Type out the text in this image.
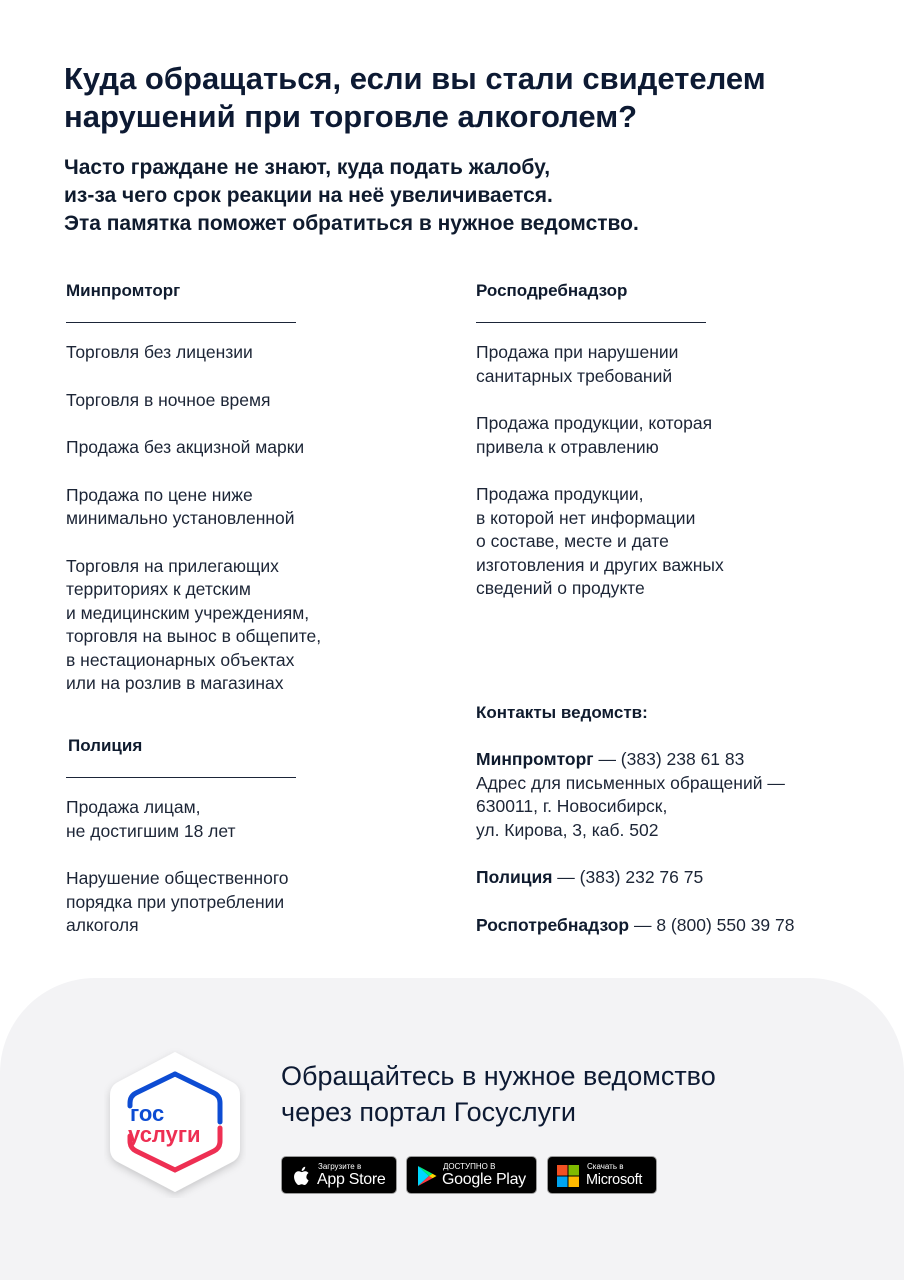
Куда обращаться, если вы стали свидетелем
нарушений при торговле алкоголем?

Часто граждане не знают, куда подать жалобу,
из-за чего срок реакции на неё увеличивается.
Эта памятка поможет обратиться в нужное ведомство.

Минпромторг
Торговля без лицензии
Торговля в ночное время
Продажа без акцизной марки
Продажа по цене ниже
минимально установленной
Торговля на прилегающих
территориях к детским
и медицинским учреждениям,
торговля на вынос в общепите,
в нестационарных объектах
или на розлив в магазинах
Росподребнадзор
Продажа при нарушении
санитарных требований
Продажа продукции, которая
привела к отравлению
Продажа продукции,
в которой нет информации
о составе, месте и дате
изготовления и других важных
сведений о продукте
Полиция
Продажа лицам,
не достигшим 18 лет
Нарушение общественного
порядка при употреблении
алкоголя
Контакты ведомств:
Минпромторг — (383) 238 61 83
Адрес для письменных обращений —
630011, г. Новосибирск,
ул. Кирова, 3, каб. 502
Полиция — (383) 232 76 75
Роспотребнадзор — 8 (800) 550 39 78
гос
услуги
Обращайтесь в нужное ведомство
через портал Госуслуги
Загрузите в
App Store
ДОСТУПНО В
Google Play
Скачать в
Microsoft
